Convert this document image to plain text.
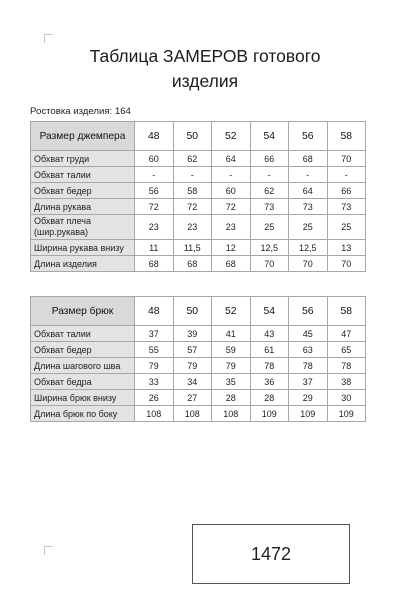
Таблица ЗАМЕРОВ готового
изделия
Ростовка изделия: 164
Размер джемпера	48	50	52	54	56	58
Обхват груди	60	62	64	66	68	70
Обхват талии	-	-	-	-	-	-
Обхват бедер	56	58	60	62	64	66
Длина рукава	72	72	72	73	73	73
Обхват плеча (шир.рукава)	23	23	23	25	25	25
Ширина рукава внизу	11	11,5	12	12,5	12,5	13
Длина изделия	68	68	68	70	70	70
Размер брюк	48	50	52	54	56	58
Обхват талии	37	39	41	43	45	47
Обхват бедер	55	57	59	61	63	65
Длина шагового шва	79	79	79	78	78	78
Обхват бедра	33	34	35	36	37	38
Ширина брюк внизу	26	27	28	28	29	30
Длина брюк по боку	108	108	108	109	109	109
1472
